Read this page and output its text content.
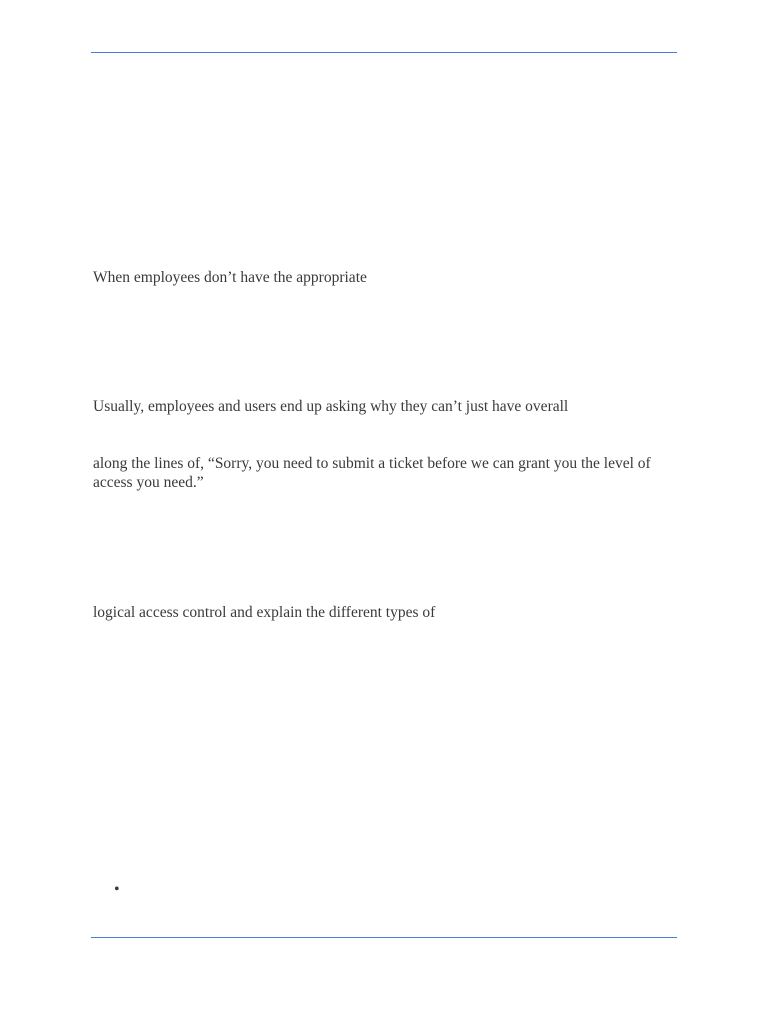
When employees don’t have the appropriate

Usually, employees and users end up asking why they can’t just have overall

along the lines of, “Sorry, you need to submit a ticket before we can grant you the level of access you need.”

logical access control and explain the different types of

•
